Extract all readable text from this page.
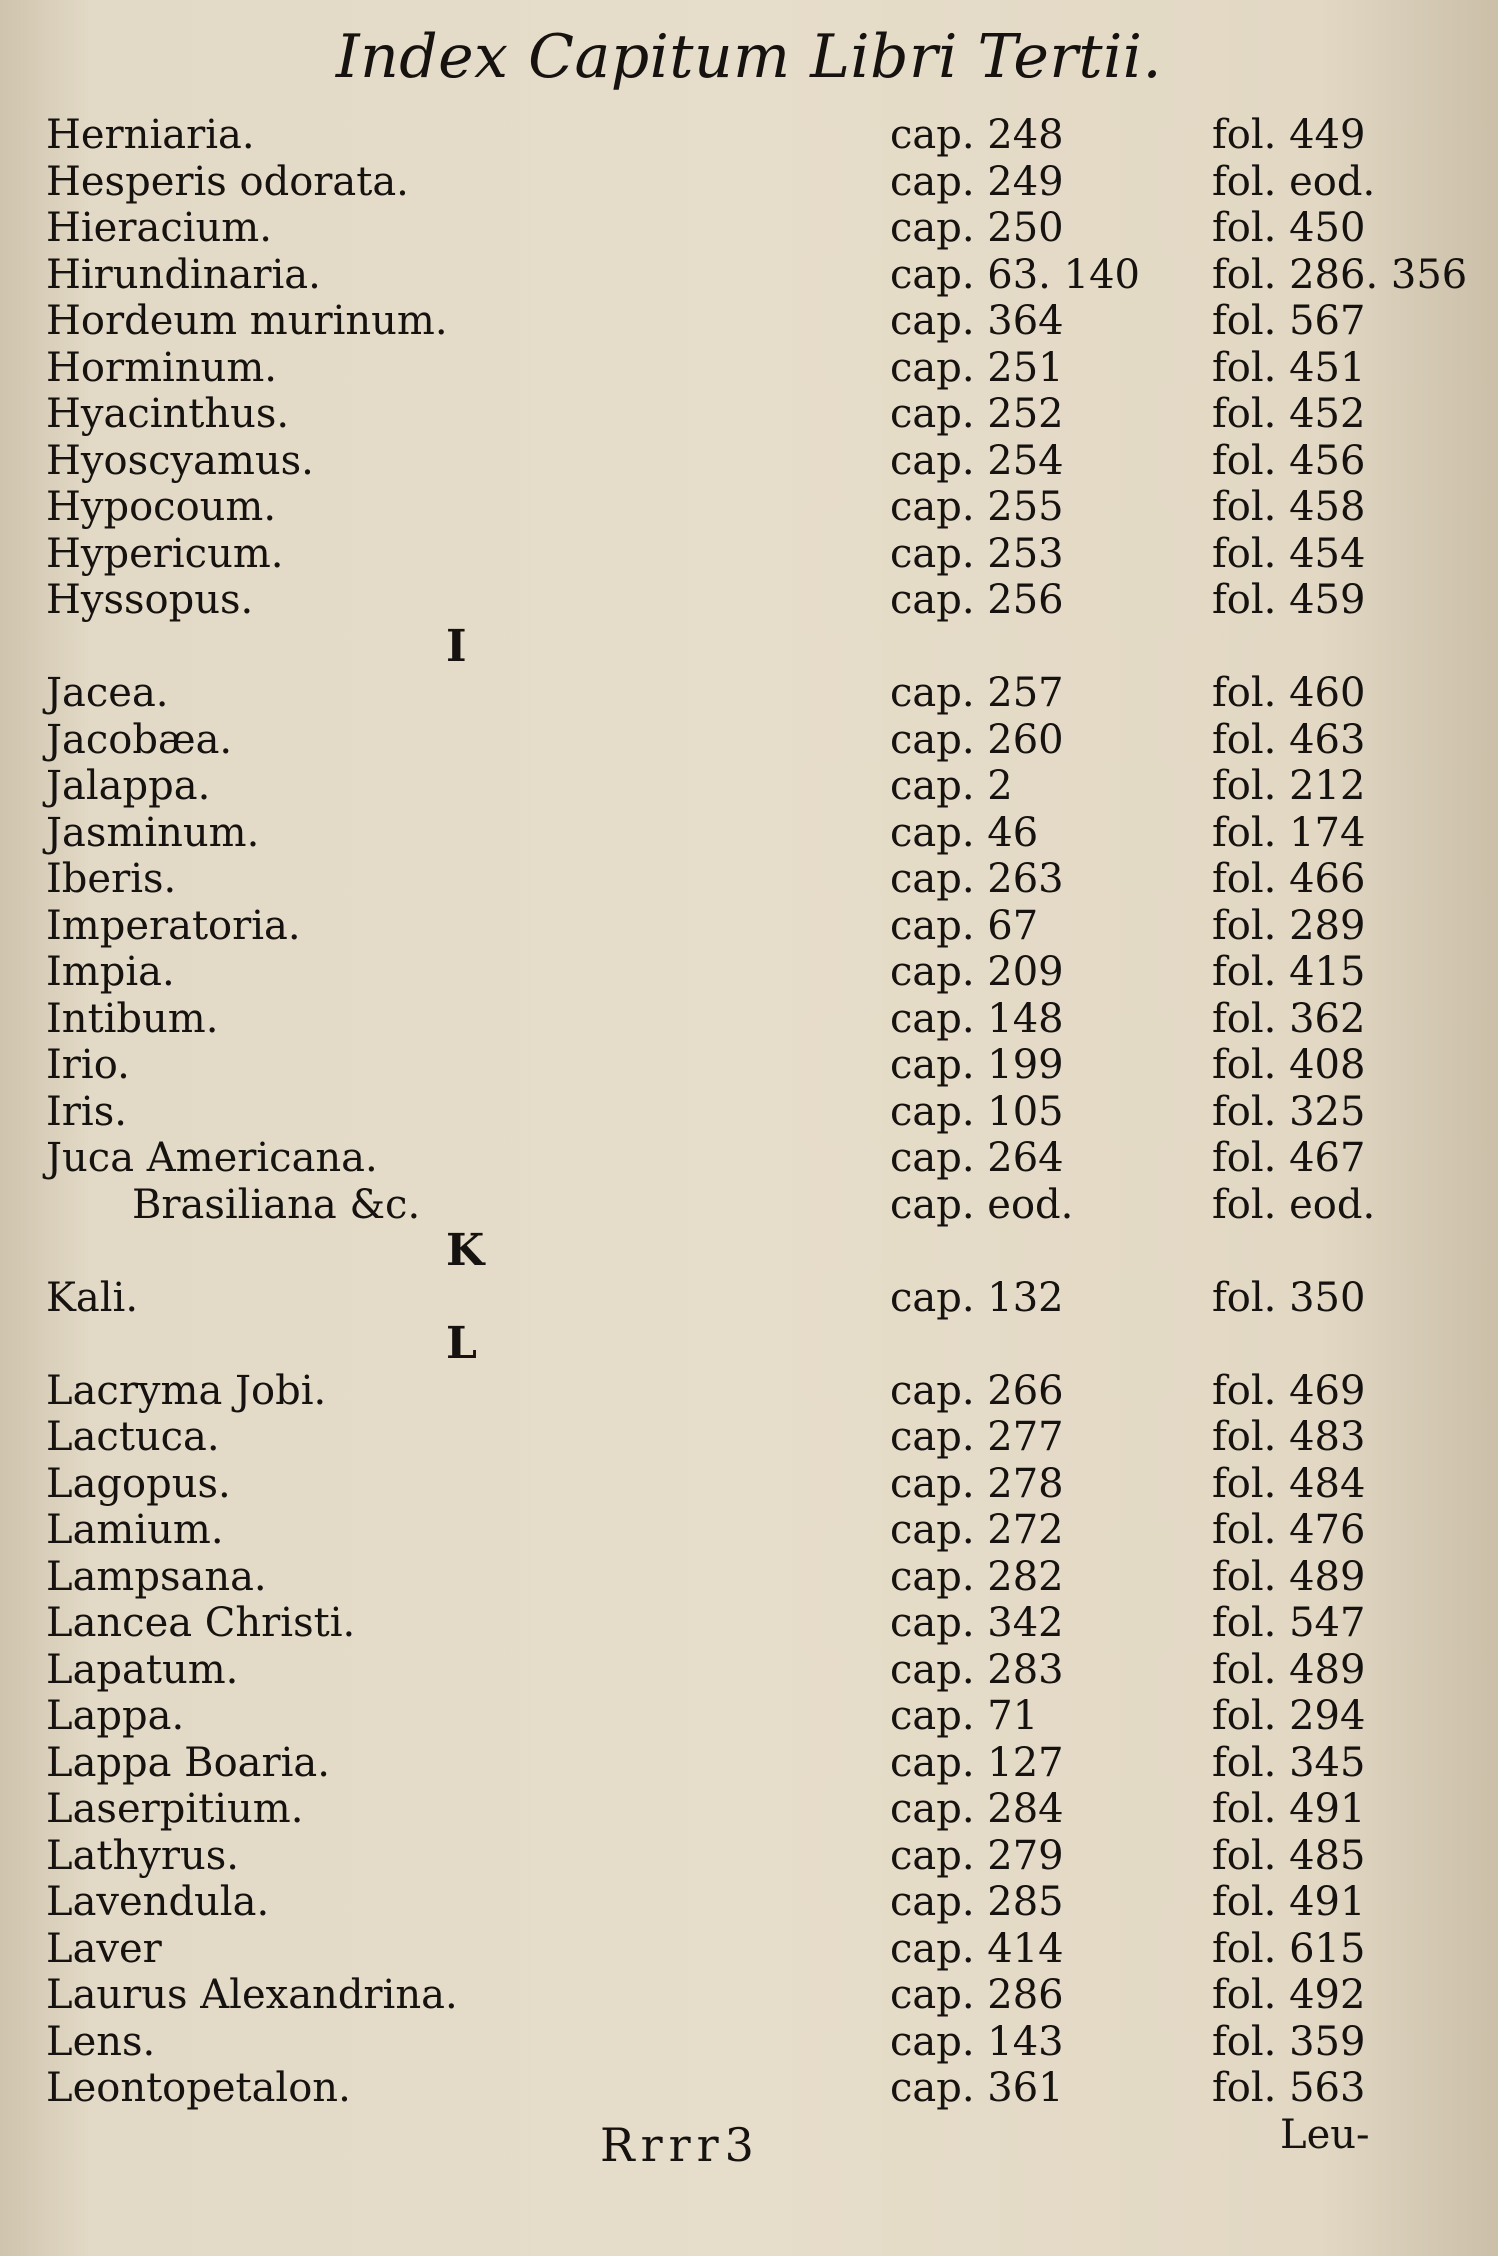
Index Capitum Libri Tertii.
Herniaria.	cap. 248	fol. 449
Hesperis odorata.	cap. 249	fol. eod.
Hieracium.	cap. 250	fol. 450
Hirundinaria.	cap. 63. 140 fol. 286. 356
Hordeum murinum.	cap. 364	fol. 567
Horminum.	cap. 251	fol. 451
Hyacinthus.	cap. 252	fol. 452
Hyoscyamus.	cap. 254	fol. 456
Hypocoum.	cap. 255	fol. 458
Hypericum.	cap. 253	fol. 454
Hyssopus.	cap. 256	fol. 459
I
Jacea.	cap. 257	fol. 460
Jacobæa.	cap. 260	fol. 463
Jalappa.	cap. 2	fol. 212
Jasminum.	cap. 46	fol. 174
Iberis.	cap. 263	fol. 466
Imperatoria.	cap. 67	fol. 289
Impia.	cap. 209	fol. 415
Intibum.	cap. 148	fol. 362
Irio.	cap. 199	fol. 408
Iris.	cap. 105	fol. 325
Juca Americana.	cap. 264	fol. 467
Brasiliana &c.	cap. eod.	fol. eod.
K
Kali.	cap. 132	fol. 350
L
Lacryma Jobi.	cap. 266	fol. 469
Lactuca.	cap. 277	fol. 483
Lagopus.	cap. 278	fol. 484
Lamium.	cap. 272	fol. 476
Lampsana.	cap. 282	fol. 489
Lancea Christi.	cap. 342	fol. 547
Lapatum.	cap. 283	fol. 489
Lappa.	cap. 71	fol. 294
Lappa Boaria.	cap. 127	fol. 345
Laserpitium.	cap. 284	fol. 491
Lathyrus.	cap. 279	fol. 485
Lavendula.	cap. 285	fol. 491
Laver	cap. 414	fol. 615
Laurus Alexandrina.	cap. 286	fol. 492
Lens.	cap. 143	fol. 359
Leontopetalon.	cap. 361	fol. 563
Rrrr3	Leu-
